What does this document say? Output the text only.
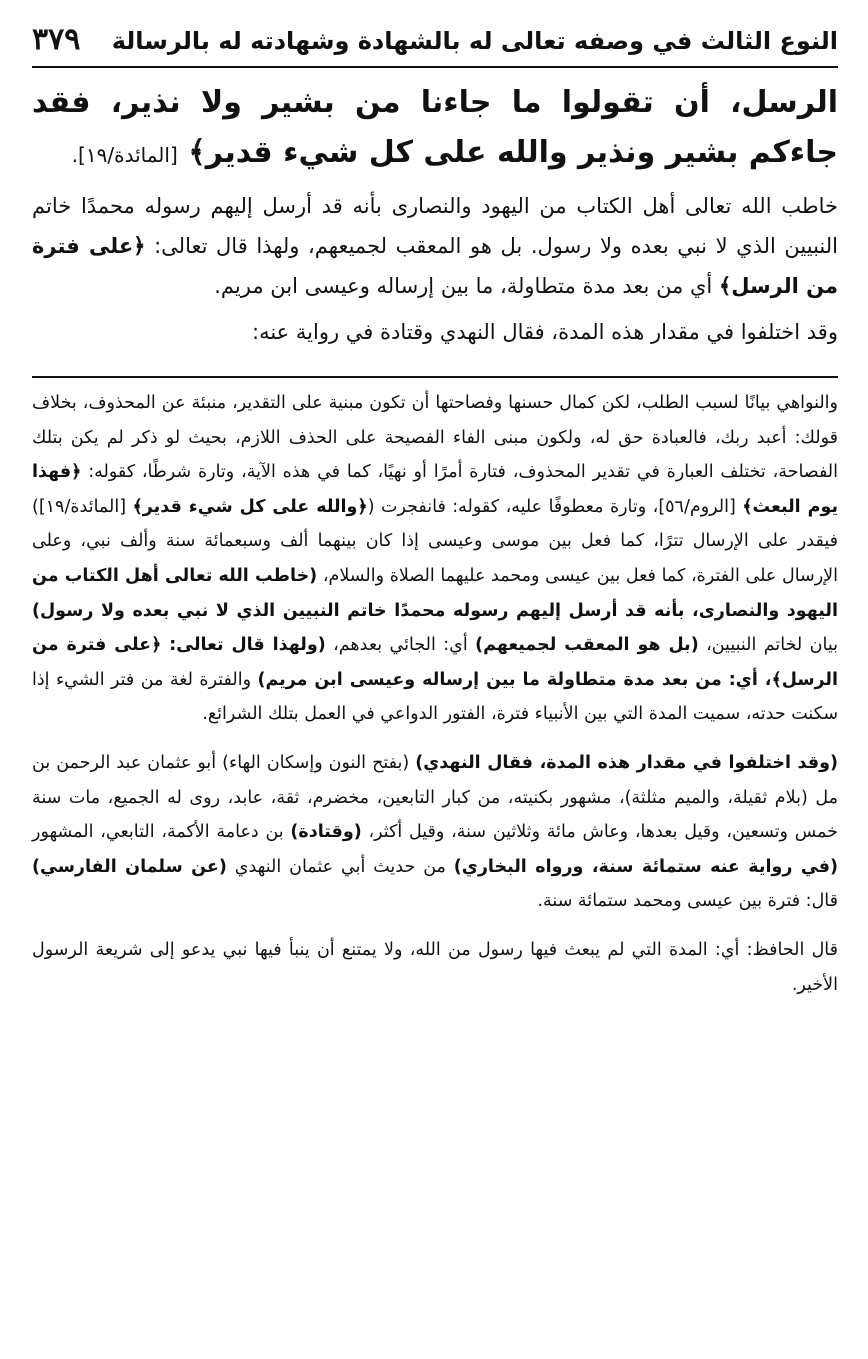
النوع الثالث في وصفه تعالى له بالشهادة وشهادته له بالرسالة
٣٧٩

الرسل، أن تقولوا ما جاءنا من بشير ولا نذير، فقد جاءكم بشير ونذير والله على كل شيء قدير﴾ [المائدة/١٩].

خاطب الله تعالى أهل الكتاب من اليهود والنصارى بأنه قد أرسل إليهم رسوله محمدًا خاتم النبيين الذي لا نبي بعده ولا رسول. بل هو المعقب لجميعهم، ولهذا قال تعالى: ﴿على فترة من الرسل﴾ أي من بعد مدة متطاولة، ما بين إرساله وعيسى ابن مريم.

وقد اختلفوا في مقدار هذه المدة، فقال النهدي وقتادة في رواية عنه:

والنواهي بيانًا لسبب الطلب، لكن كمال حسنها وفصاحتها أن تكون مبنية على التقدير، منبئة عن المحذوف، بخلاف قولك: أعبد ربك، فالعبادة حق له، ولكون مبنى الفاء الفصيحة على الحذف اللازم، بحيث لو ذكر لم يكن بتلك الفصاحة، تختلف العبارة في تقدير المحذوف، فتارة أمرًا أو نهيًا، كما في هذه الآية، وتارة شرطًا، كقوله: ﴿فهذا يوم البعث﴾ [الروم/٥٦]، وتارة معطوفًا عليه، كقوله: فانفجرت (﴿والله على كل شيء قدير﴾ [المائدة/١٩]) فيقدر على الإرسال تترًا، كما فعل بين موسى وعيسى إذا كان بينهما ألف وسبعمائة سنة وألف نبي، وعلى الإرسال على الفترة، كما فعل بين عيسى ومحمد عليهما الصلاة والسلام، (خاطب الله تعالى أهل الكتاب من اليهود والنصارى، بأنه قد أرسل إليهم رسوله محمدًا خاتم النبيين الذي لا نبي بعده ولا رسول) بيان لخاتم النبيين، (بل هو المعقب لجميعهم) أي: الجائي بعدهم، (ولهذا قال تعالى: ﴿على فترة من الرسل﴾، أي: من بعد مدة متطاولة ما بين إرساله وعيسى ابن مريم) والفترة لغة من فتر الشيء إذا سكنت حدته، سميت المدة التي بين الأنبياء فترة، الفتور الدواعي في العمل بتلك الشرائع.

(وقد اختلفوا في مقدار هذه المدة، فقال النهدي) (بفتح النون وإسكان الهاء) أبو عثمان عبد الرحمن بن مل (بلام ثقيلة، والميم مثلثة)، مشهور بكنيته، من كبار التابعين، مخضرم، ثقة، عابد، روى له الجميع، مات سنة خمس وتسعين، وقيل بعدها، وعاش مائة وثلاثين سنة، وقيل أكثر، (وقتادة) بن دعامة الأكمة، التابعي، المشهور (في رواية عنه ستمائة سنة، ورواه البخاري) من حديث أبي عثمان النهدي (عن سلمان الفارسي) قال: فترة بين عيسى ومحمد ستمائة سنة.

قال الحافظ: أي: المدة التي لم يبعث فيها رسول من الله، ولا يمتنع أن ينبأ فيها نبي يدعو إلى شريعة الرسول الأخير.
